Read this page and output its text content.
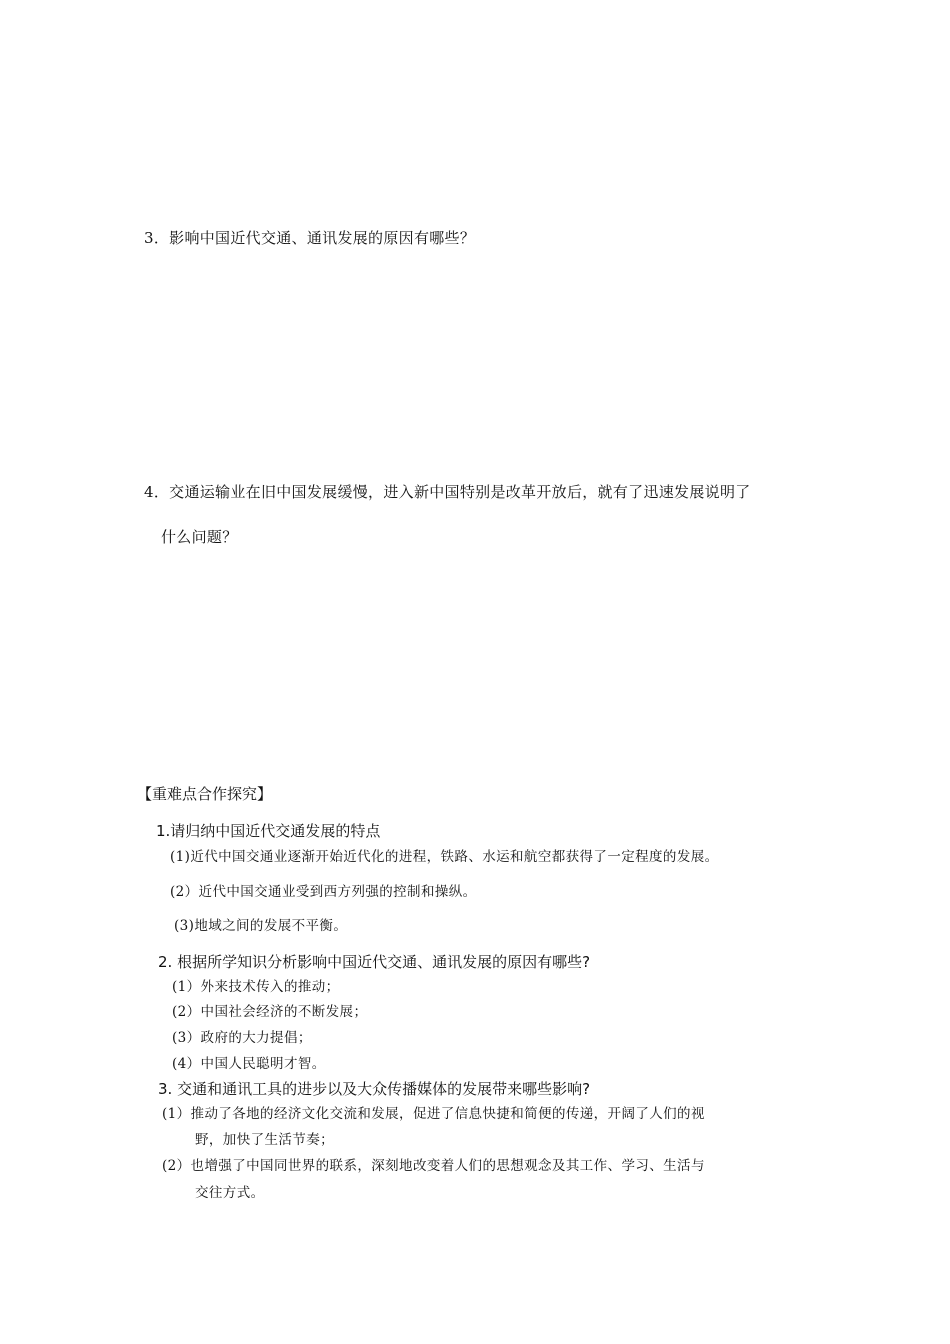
3．影响中国近代交通、通讯发展的原因有哪些？
4．交通运输业在旧中国发展缓慢，进入新中国特别是改革开放后，就有了迅速发展说明了
什么问题？
【重难点合作探究】
1.请归纳中国近代交通发展的特点
(1)近代中国交通业逐渐开始近代化的进程，铁路、水运和航空都获得了一定程度的发展。
(2）近代中国交通业受到西方列强的控制和操纵。
(3)地域之间的发展不平衡。
2. 根据所学知识分析影响中国近代交通、通讯发展的原因有哪些?
(1）外来技术传入的推动；
(2）中国社会经济的不断发展；
(3）政府的大力提倡；
(4）中国人民聪明才智。
3. 交通和通讯工具的进步以及大众传播媒体的发展带来哪些影响?
(1）推动了各地的经济文化交流和发展，促进了信息快捷和简便的传递，开阔了人们的视
野，加快了生活节奏；
(2）也增强了中国同世界的联系，深刻地改变着人们的思想观念及其工作、学习、生活与
交往方式。
